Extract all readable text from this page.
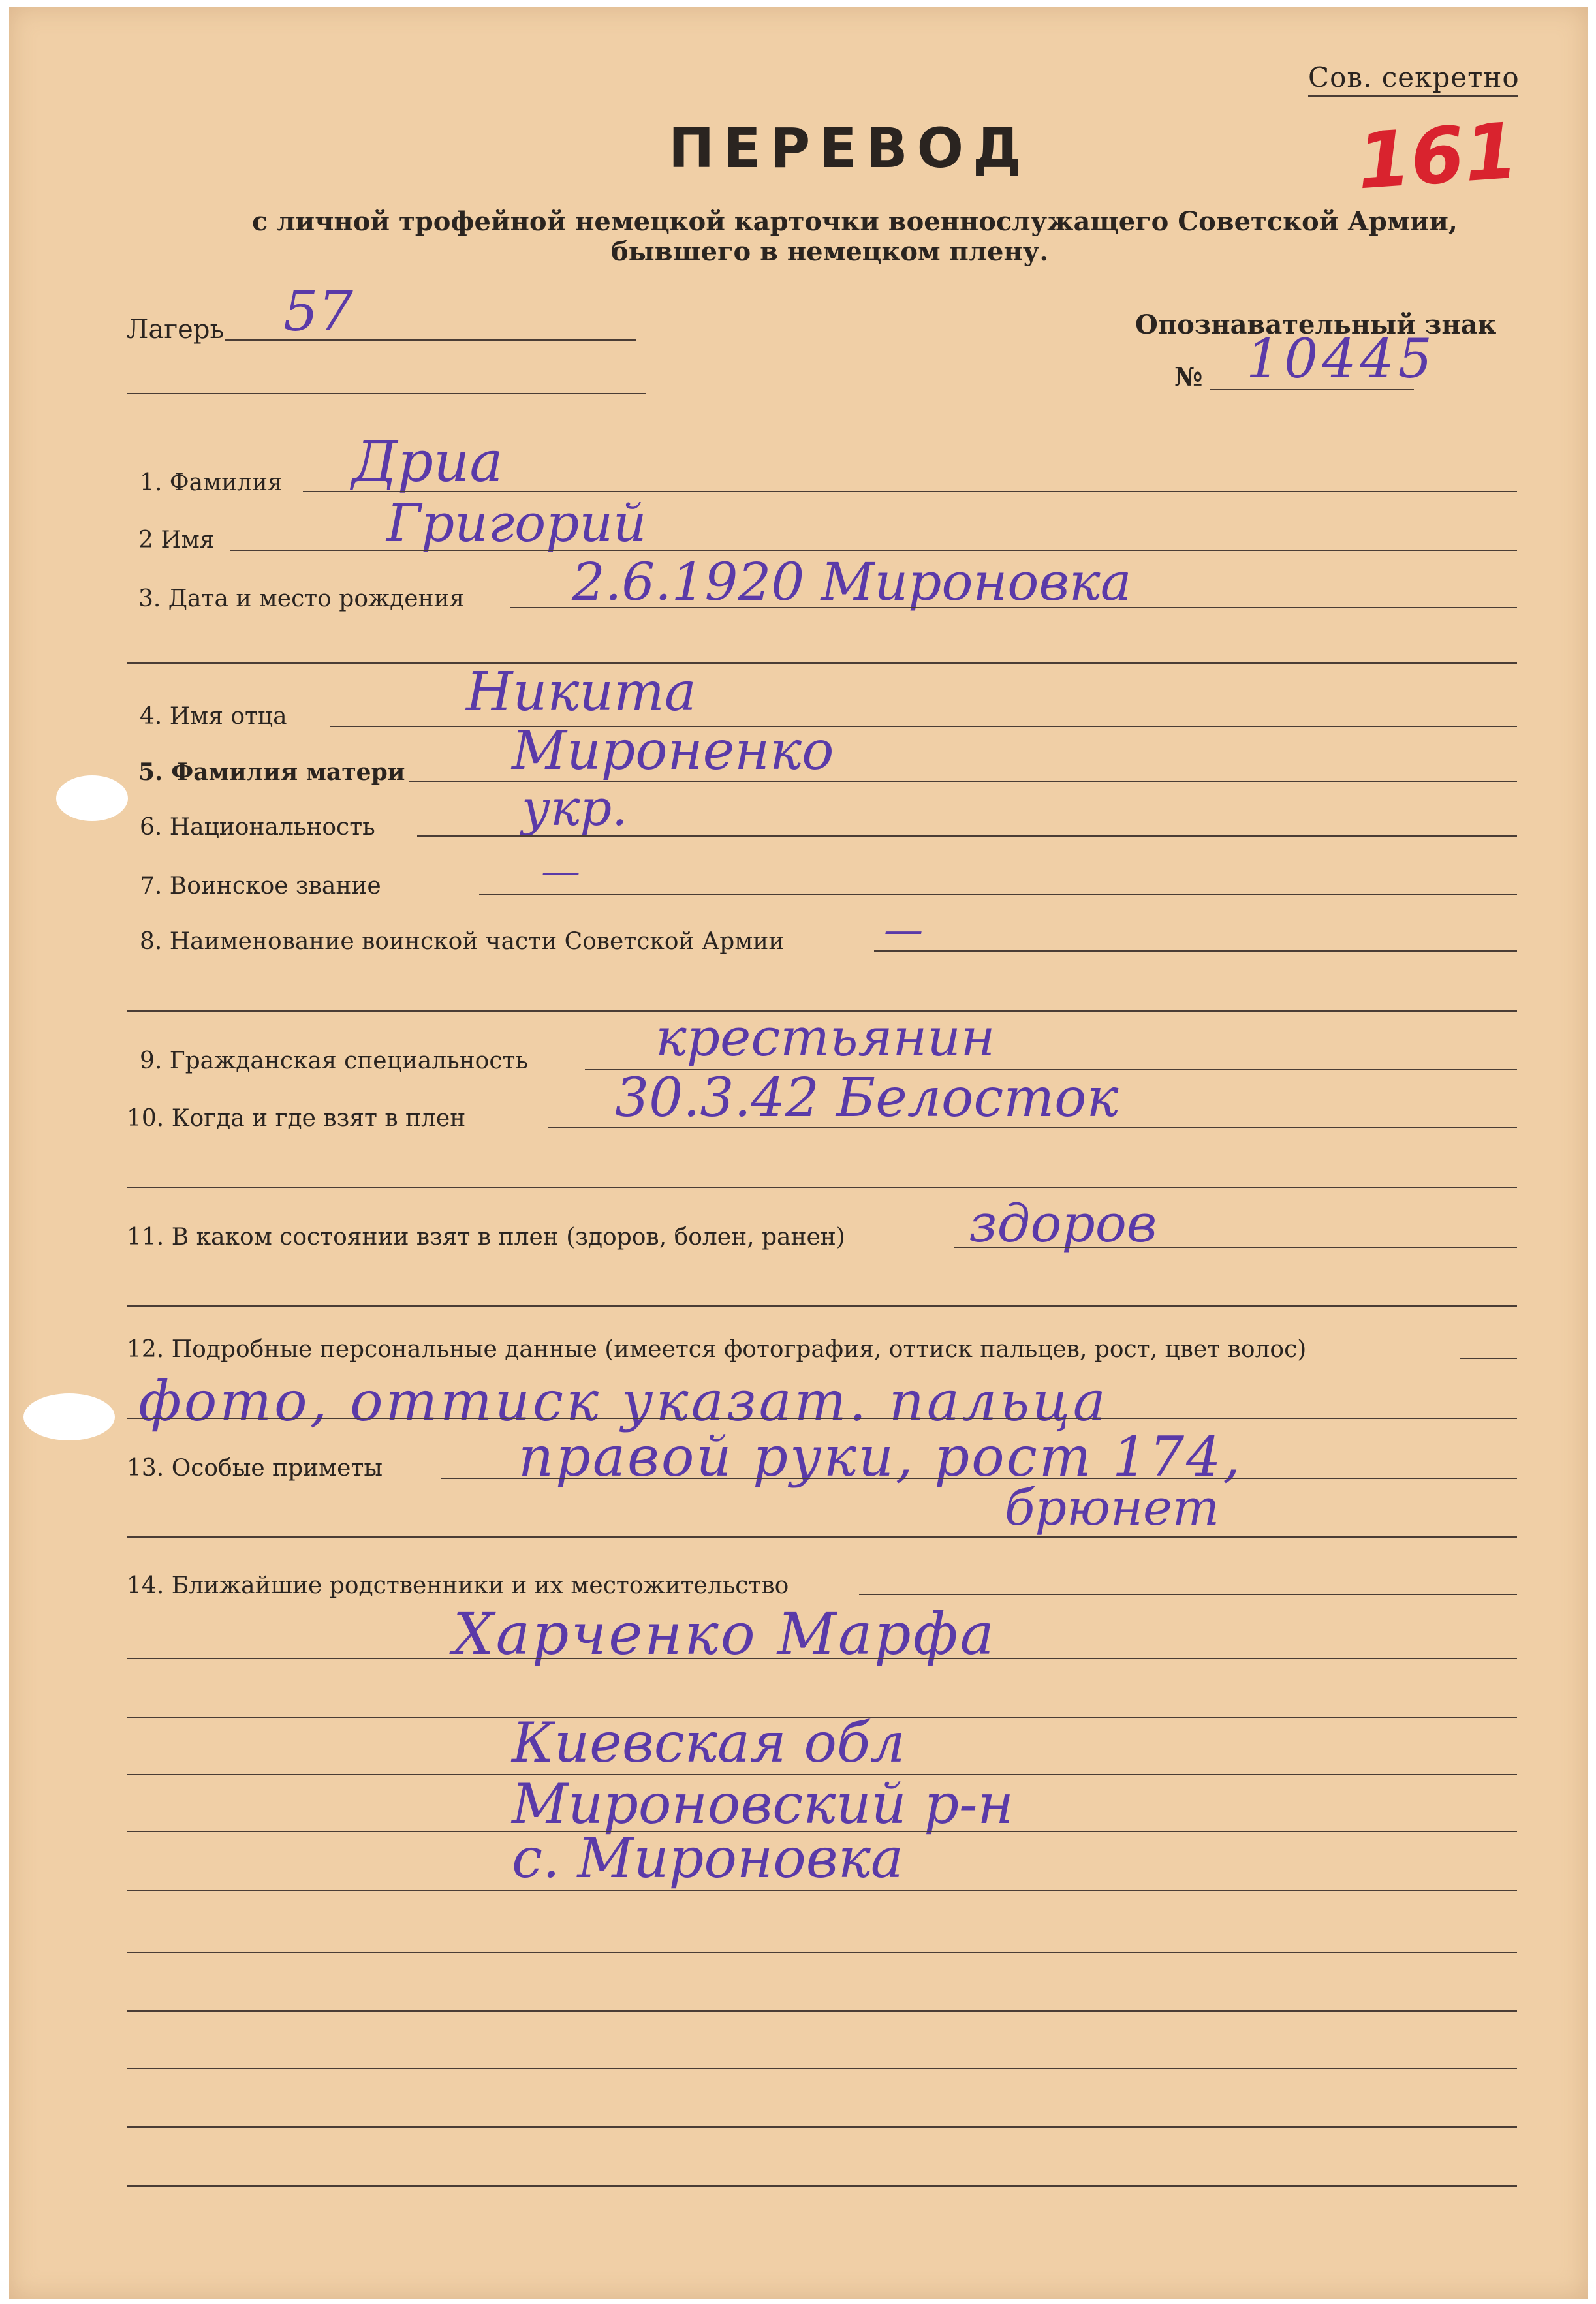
Сов. секретно
161
ПЕРЕВОД
с личной трофейной немецкой карточки военнослужащего Советской Армии,
бывшего в немецком плену.
Лагерь 57	Опознавательный знак
№ 10445
1. Фамилия Дриа
2 Имя	Григорий
3. Дата и место рождения 2.6.1920 Мироновка
4. Имя отца	Никита
5. Фамилия матери Мироненко
6. Национальность	укр.
7. Воинское звание	—
8. Наименование воинской части Советской Армии	—
9. Гражданская специальность крестьянин
10. Когда и где взят в плен	30.3.42 Белосток
11. В каком состоянии взят в плен (здоров, болен, ранен) здоров
12. Подробные персональные данные (имеется фотография, оттиск пальцев, рост, цвет волос)
фото, оттиск указат. пальца
13. Особые приметы правой руки, рост 174,
брюнет
14. Ближайшие родственники и их местожительство
Харченко Марфа
Киевская обл
Мироновский р-н
с. Мироновка
